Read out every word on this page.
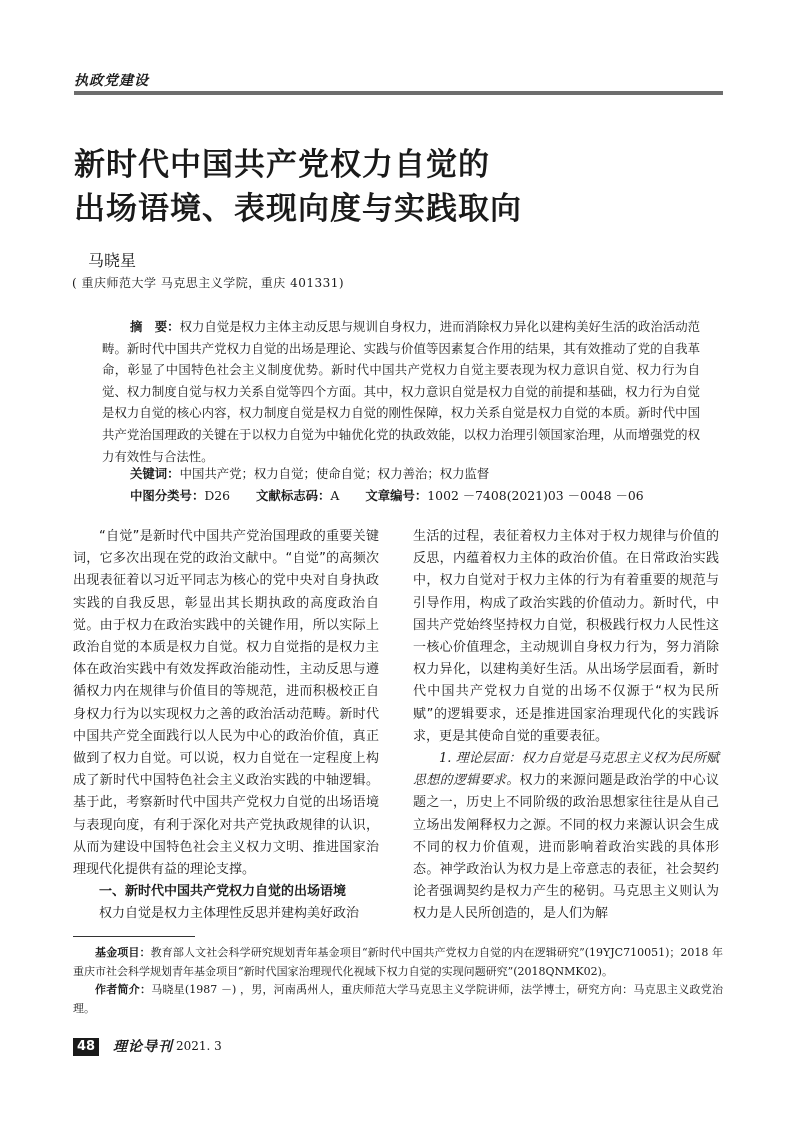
执政党建设
新时代中国共产党权力自觉的
出场语境、表现向度与实践取向
马晓星
( 重庆师范大学 马克思主义学院，重庆 401331)

摘　要：权力自觉是权力主体主动反思与规训自身权力，进而消除权力异化以建构美好生活的政治活动范畴。新时代中国共产党权力自觉的出场是理论、实践与价值等因素复合作用的结果，其有效推动了党的自我革命，彰显了中国特色社会主义制度优势。新时代中国共产党权力自觉主要表现为权力意识自觉、权力行为自觉、权力制度自觉与权力关系自觉等四个方面。其中，权力意识自觉是权力自觉的前提和基础，权力行为自觉是权力自觉的核心内容，权力制度自觉是权力自觉的刚性保障，权力关系自觉是权力自觉的本质。新时代中国共产党治国理政的关键在于以权力自觉为中轴优化党的执政效能，以权力治理引领国家治理，从而增强党的权力有效性与合法性。

关键词：中国共产党；权力自觉；使命自觉；权力善治；权力监督
中图分类号：D26 文献标志码：A 文章编号：1002 －7408(2021)03 －0048 －06

“自觉”是新时代中国共产党治国理政的重要关键词，它多次出现在党的政治文献中。“自觉”的高频次出现表征着以习近平同志为核心的党中央对自身执政实践的自我反思，彰显出其长期执政的高度政治自觉。由于权力在政治实践中的关键作用，所以实际上政治自觉的本质是权力自觉。权力自觉指的是权力主体在政治实践中有效发挥政治能动性，主动反思与遵循权力内在规律与价值目的等规范，进而积极校正自身权力行为以实现权力之善的政治活动范畴。新时代中国共产党全面践行以人民为中心的政治价值，真正做到了权力自觉。可以说，权力自觉在一定程度上构成了新时代中国特色社会主义政治实践的中轴逻辑。基于此，考察新时代中国共产党权力自觉的出场语境与表现向度，有利于深化对共产党执政规律的认识，从而为建设中国特色社会主义权力文明、推进国家治理现代化提供有益的理论支撑。

一、新时代中国共产党权力自觉的出场语境

权力自觉是权力主体理性反思并建构美好政治

生活的过程，表征着权力主体对于权力规律与价值的反思，内蕴着权力主体的政治价值。在日常政治实践中，权力自觉对于权力主体的行为有着重要的规范与引导作用，构成了政治实践的价值动力。新时代，中国共产党始终坚持权力自觉，积极践行权力人民性这一核心价值理念，主动规训自身权力行为，努力消除权力异化，以建构美好生活。从出场学层面看，新时代中国共产党权力自觉的出场不仅源于“权为民所赋”的逻辑要求，还是推进国家治理现代化的实践诉求，更是其使命自觉的重要表征。

1. 理论层面：权力自觉是马克思主义权为民所赋思想的逻辑要求。权力的来源问题是政治学的中心议题之一，历史上不同阶级的政治思想家往往是从自己立场出发阐释权力之源。不同的权力来源认识会生成不同的权力价值观，进而影响着政治实践的具体形态。神学政治认为权力是上帝意志的表征，社会契约论者强调契约是权力产生的秘钥。马克思主义则认为权力是人民所创造的，是人们为解

基金项目：教育部人文社会科学研究规划青年基金项目“新时代中国共产党权力自觉的内在逻辑研究”(19YJC710051)；2018 年重庆市社会科学规划青年基金项目“新时代国家治理现代化视域下权力自觉的实现问题研究”(2018QNMK02)。

作者简介：马晓星(1987 －) ，男，河南禹州人，重庆师范大学马克思主义学院讲师，法学博士，研究方向：马克思主义政党治理。

48 理论导刊 2021. 3
